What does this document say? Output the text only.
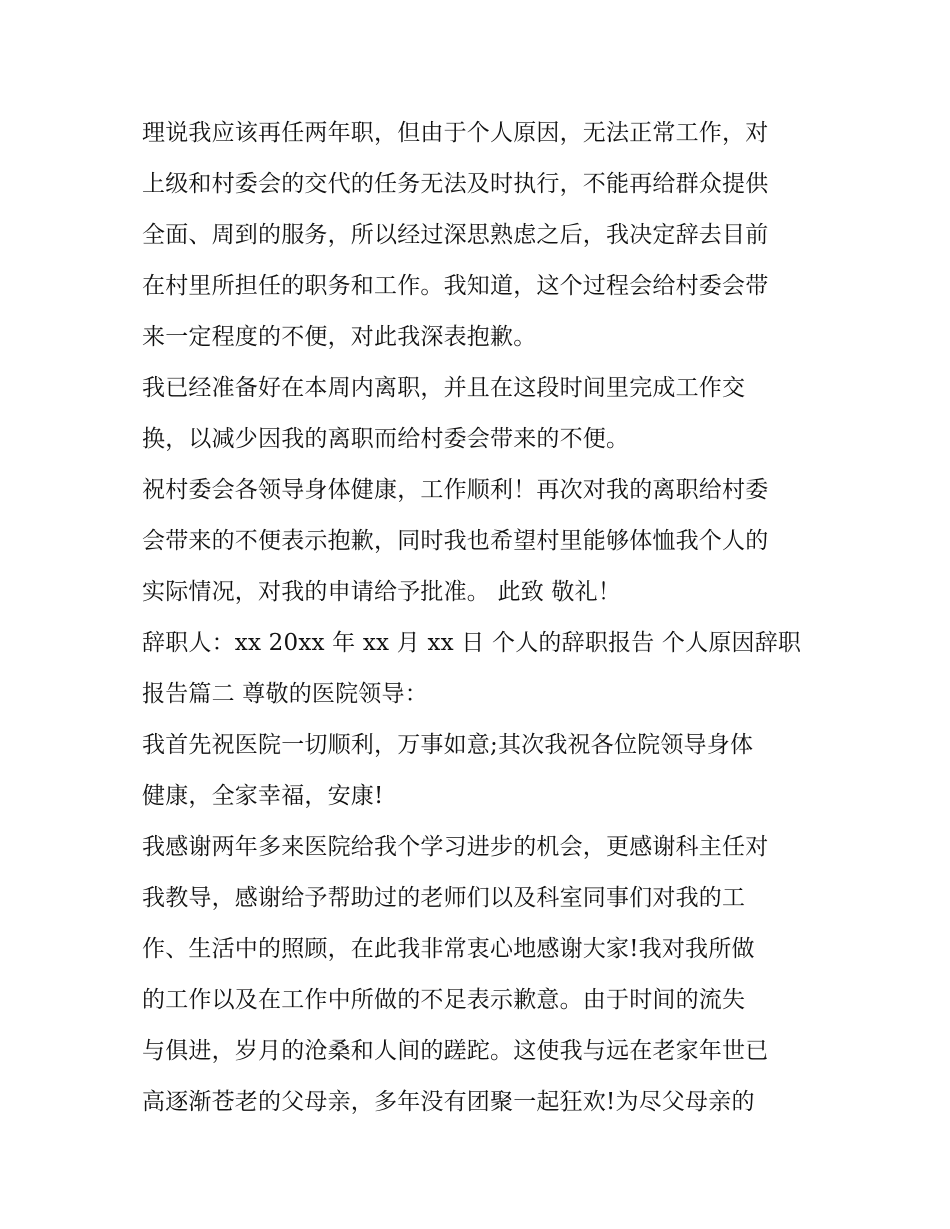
理说我应该再任两年职，但由于个人原因，无法正常工作，对
上级和村委会的交代的任务无法及时执行，不能再给群众提供
全面、周到的服务，所以经过深思熟虑之后，我决定辞去目前
在村里所担任的职务和工作。我知道，这个过程会给村委会带
来一定程度的不便，对此我深表抱歉。
我已经准备好在本周内离职，并且在这段时间里完成工作交
换，以减少因我的离职而给村委会带来的不便。
祝村委会各领导身体健康，工作顺利！再次对我的离职给村委
会带来的不便表示抱歉，同时我也希望村里能够体恤我个人的
实际情况，对我的申请给予批准。 此致 敬礼！
辞职人：xx 20xx 年 xx 月 xx 日 个人的辞职报告 个人原因辞职
报告篇二 尊敬的医院领导：
我首先祝医院一切顺利，万事如意;其次我祝各位院领导身体
健康，全家幸福，安康!
我感谢两年多来医院给我个学习进步的机会，更感谢科主任对
我教导，感谢给予帮助过的老师们以及科室同事们对我的工
作、生活中的照顾，在此我非常衷心地感谢大家!我对我所做
的工作以及在工作中所做的不足表示歉意。由于时间的流失
与俱进，岁月的沧桑和人间的蹉跎。这使我与远在老家年世已
高逐渐苍老的父母亲，多年没有团聚一起狂欢!为尽父母亲的
